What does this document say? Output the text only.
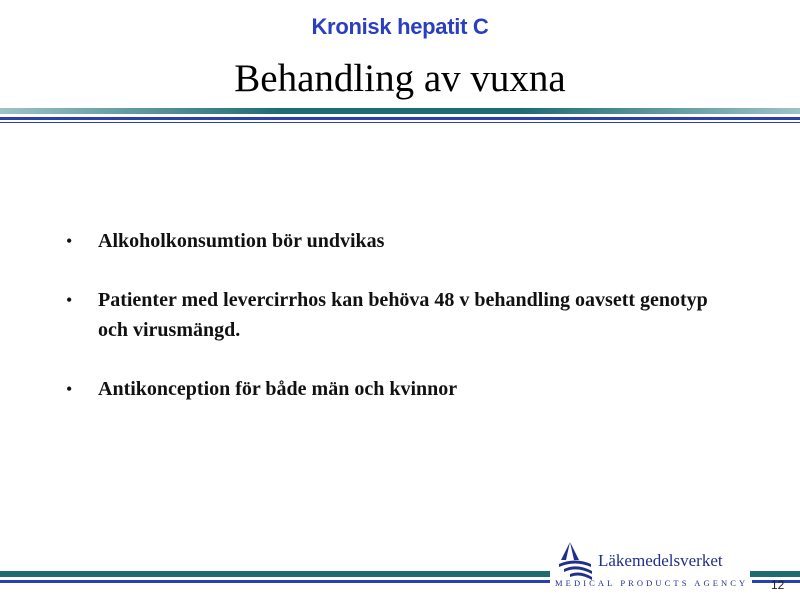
Kronisk hepatit C
Behandling av vuxna
• Alkoholkonsumtion bör undvikas
• Patienter med levercirrhos kan behöva 48 v behandling oavsett genotyp och virusmängd.
• Antikonception för både män och kvinnor
Läkemedelsverket
MEDICAL PRODUCTS AGENCY 12
